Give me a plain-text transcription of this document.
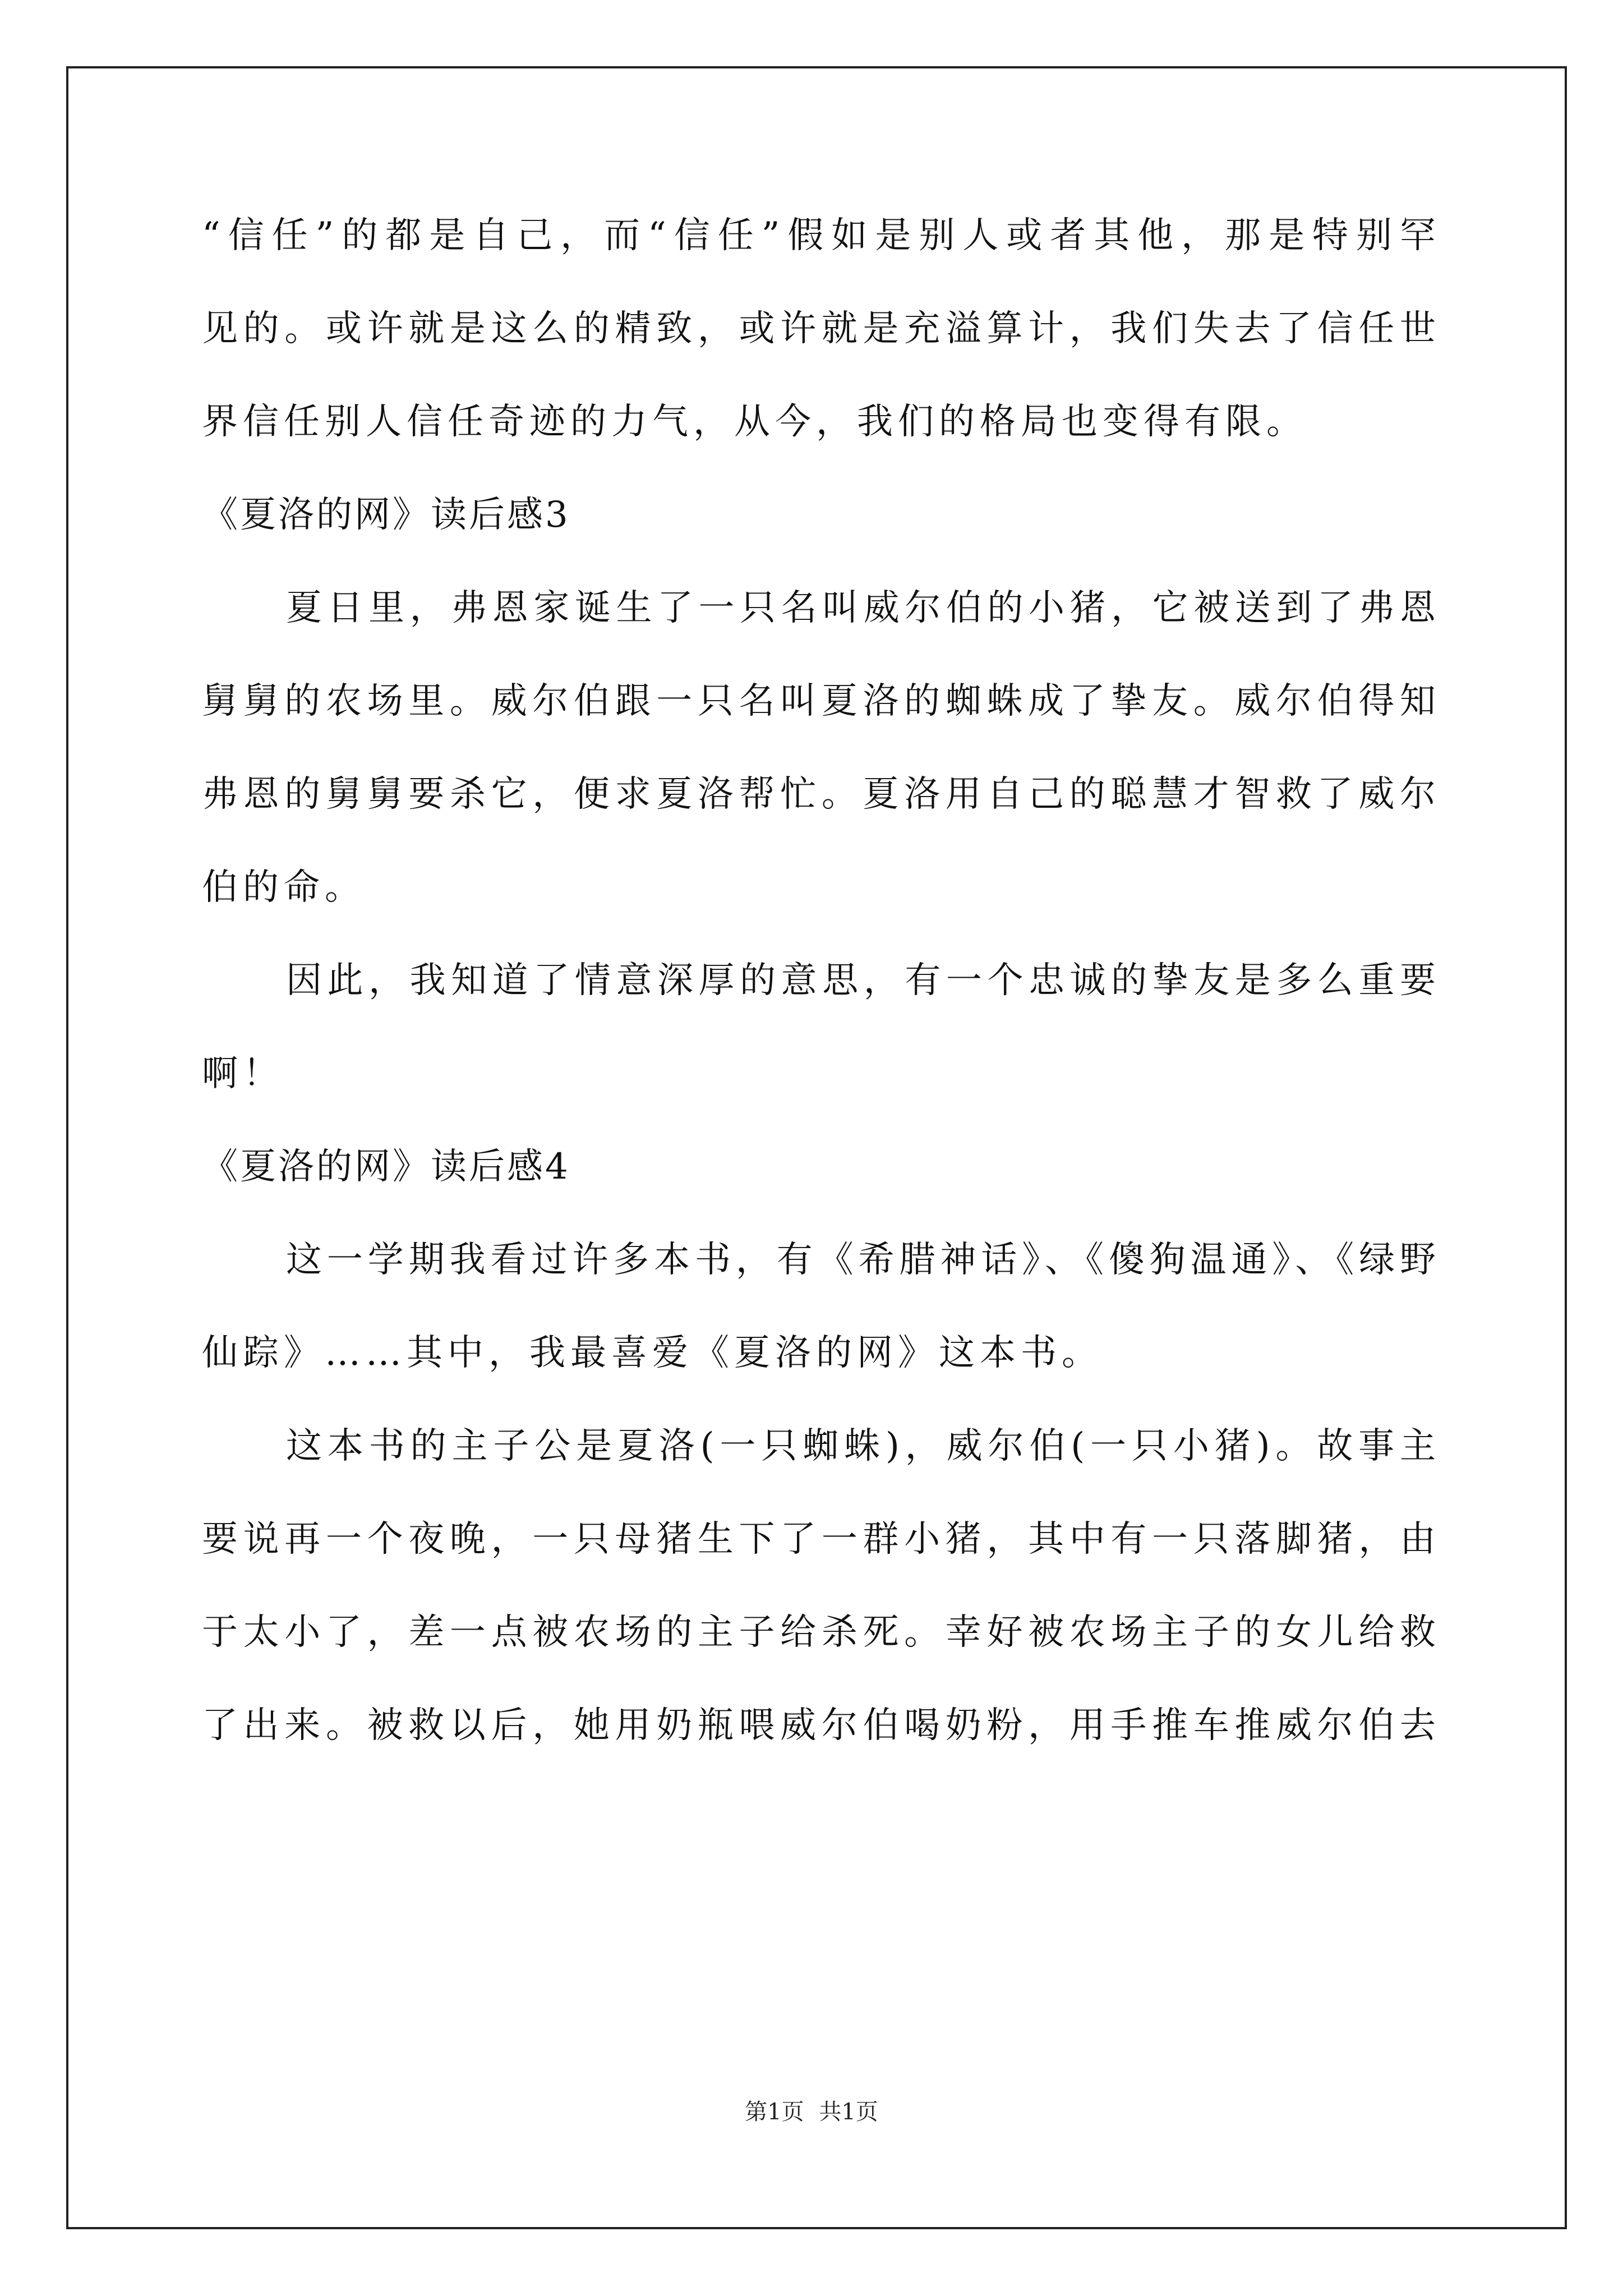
“信任”的都是自己，而“信任”假如是别人或者其他，那是特别罕
见的。或许就是这么的精致，或许就是充溢算计，我们失去了信任世
界信任别人信任奇迹的力气，从今，我们的格局也变得有限。
《夏洛的网》读后感3
夏日里，弗恩家诞生了一只名叫威尔伯的小猪，它被送到了弗恩
舅舅的农场里。威尔伯跟一只名叫夏洛的蜘蛛成了挚友。威尔伯得知
弗恩的舅舅要杀它，便求夏洛帮忙。夏洛用自己的聪慧才智救了威尔
伯的命。
因此，我知道了情意深厚的意思，有一个忠诚的挚友是多么重要
啊！
《夏洛的网》读后感4
这一学期我看过许多本书，有《希腊神话》、《傻狗温通》、《绿野
仙踪》……其中，我最喜爱《夏洛的网》这本书。
这本书的主子公是夏洛(一只蜘蛛)，威尔伯(一只小猪)。故事主
要说再一个夜晚，一只母猪生下了一群小猪，其中有一只落脚猪，由
于太小了，差一点被农场的主子给杀死。幸好被农场主子的女儿给救
了出来。被救以后，她用奶瓶喂威尔伯喝奶粉，用手推车推威尔伯去
第1页 共1页
